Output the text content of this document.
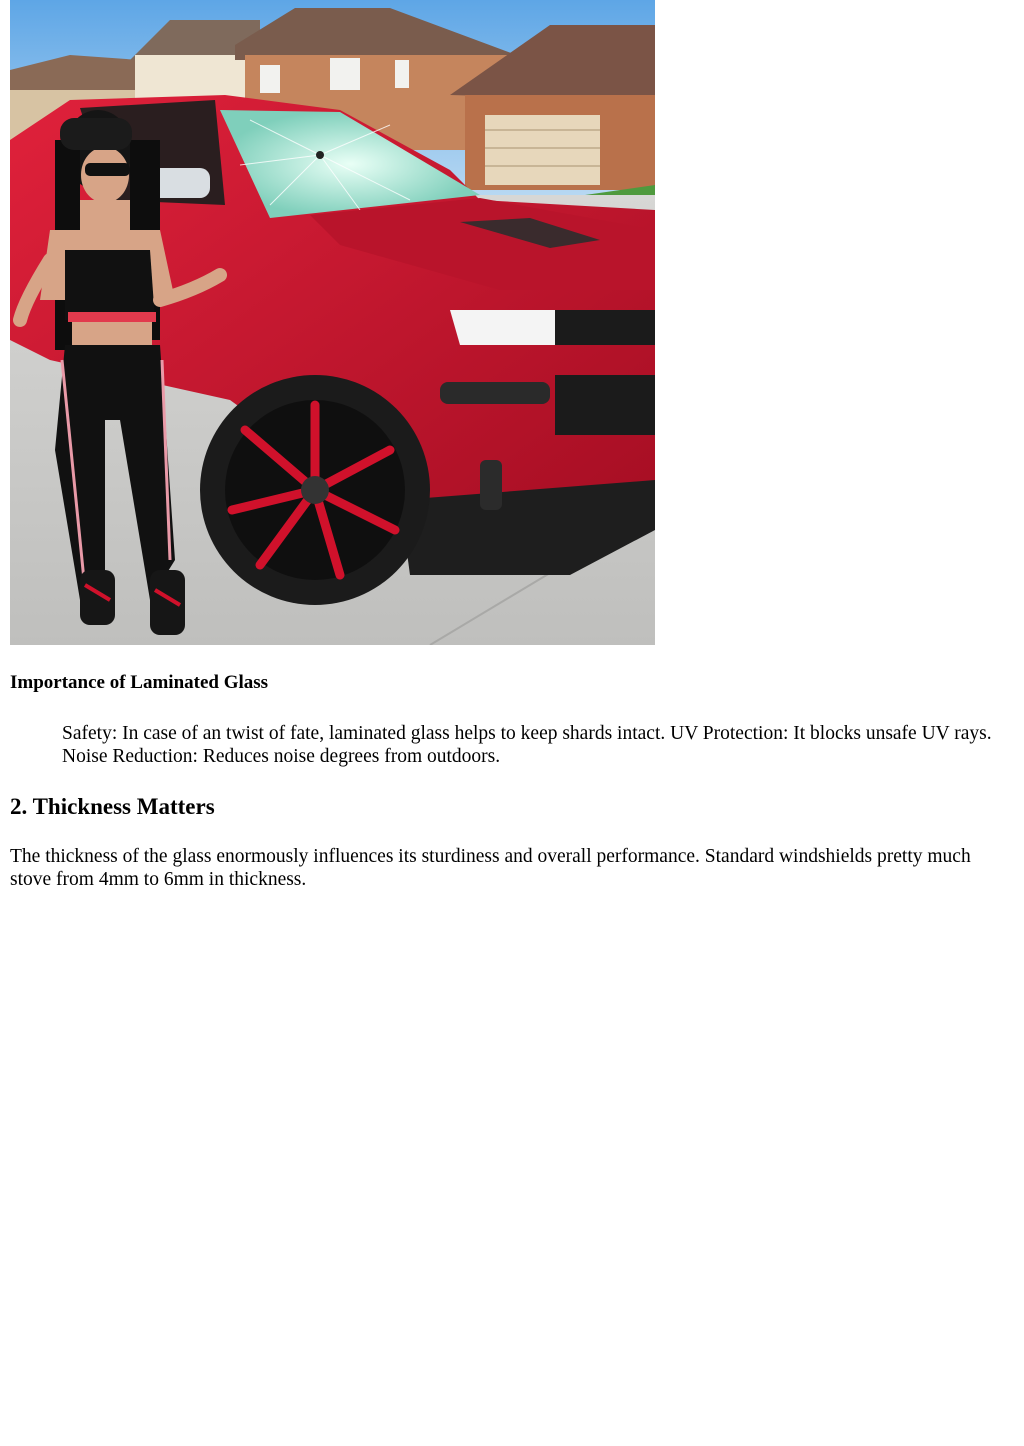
Importance of Laminated Glass

Safety: In case of an twist of fate, laminated glass helps to keep shards intact. UV Protection: It blocks unsafe UV rays. Noise Reduction: Reduces noise degrees from outdoors.

2. Thickness Matters

The thickness of the glass enormously influences its sturdiness and overall performance. Standard windshields pretty much stove from 4mm to 6mm in thickness.
